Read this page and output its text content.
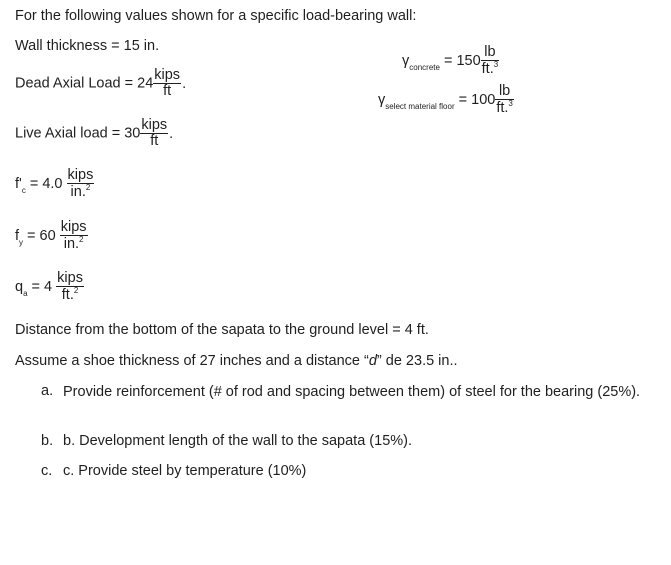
For the following values shown for a specific load-bearing wall:
Wall thickness = 15 in.
Dead Axial Load = $24 \frac{\text{kips}}{ft}$ .
Live Axial load = $30 \frac{\text{kips}}{ft}$ .
$f'_c = 4.0 \frac{\text{kips}}{in.^2}$
$f_y = 60 \frac{\text{kips}}{in.^2}$
$q_a = 4 \frac{\text{kips}}{ft.^2}$
$\gamma_{concrete} = 150 \frac{lb}{ft.^3}$
$\gamma_{select material floor} = 100 \frac{lb}{ft.^3}$
Distance from the bottom of the sapata to the ground level = 4 ft.
Assume a shoe thickness of 27 inches and a distance “d” de 23.5 in..
a. Provide reinforcement (# of rod and spacing between them) of steel for the bearing (25%).
b. b. Development length of the wall to the sapata (15%).
c. c. Provide steel by temperature (10%)
